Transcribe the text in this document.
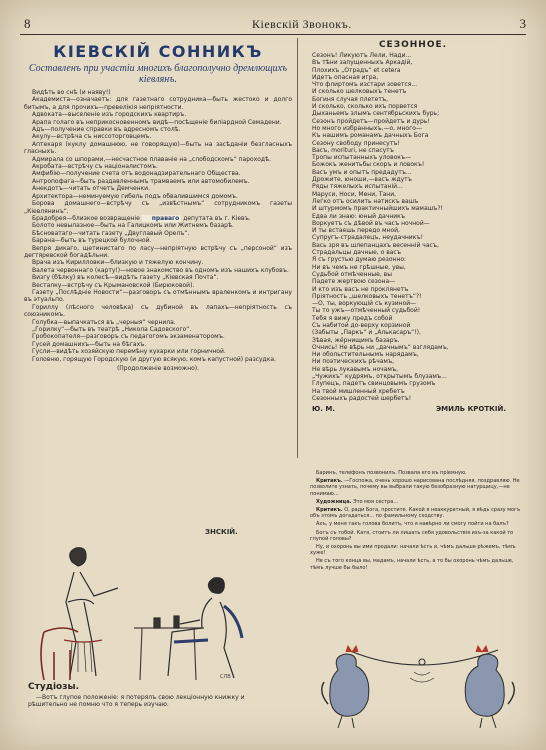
8	Кіевскій Звонокъ.	3
КІЕВСКІЙ СОННИКЪ
Составленъ при участіи многихъ благополучно дремлющихъ кіевлянъ.

Видѣть во снѣ (и наяву!)

Академиста—означаетъ: для газетнаго сотрудника—быть жестоко и долго битымъ, а для прочихъ—превелікія непріятности.

Адвоката—выселеніе изъ городскихъ квартиръ.

Арапа голаго въ неприкосновенномъ видѣ—посѣщеніе биліардной Семадени.

Адъ—получение справки въ адресномъ столѣ.

Акулу—встрѣча съ ниссоторговцемъ.

Аптекаря (куклу домашнюю, не говорящую)—быть на засѣданіи безгласныхъ гласныхъ.

Адмирала со шпорами,—несчастное плаваніе на „слободскомъ“ пароходѣ.

Акробата—встрѣчу съ націоналистомъ.

Амфибію—получение счета отъ водонадзирательнаго Общества.

Антропофага—быть раздавленнымъ трамваемъ или автомобилемъ.

Анекдотъ—читать отчетъ Демченки.

Архитектора—неминуемую гибель подъ обвалившимся домомъ.

Борова домашнего—встрѣчу съ „извѣстнымъ“ сотрудникомъ газеты „Кіевлянинъ“.

Брадобрея—близкое возвращеніе праваго депутата въ г. Кіевъ.

Болото невылазное—быть на Галицкомъ или Житнемъ базарѣ.

Бѣсноватаго—читать газету „Двуглавый Орелъ“.

Барана—быть въ турецкой булочной.

Вепря дикаго, щетинистаго по ласу—непріятную встрѣчу съ „персоной“ изъ дегтяревской богадѣльни.

Врача изъ Кирилловки—близкую и тяжелую кончину.

Валета червоннаго (карту!)—новое знакомство въ одномъ изъ нашихъ клубовъ.

Визгу (бѣлку) въ колесѣ—видѣть газету „Кіевская Почта“.

Весталку—встрѣчу съ Крымановской (Бирюковой).

Газету „Послѣдніе Новости“—разговоръ съ отмѣннымъ враленкомъ и интригану въ этуальпо.

Гориллу (лѣсного человѣка) съ дубиной въ лапахъ—непріятность съ союзникомъ.

Голубка—выпачкаться въ „черныя“ чернила.

„Горилку“—быть въ театрѣ „Никола Садовского“.

Гробокопателя—разговоръ съ педагогомъ экзаменаторомъ.

Гусей домашнихъ—быть на бѣгахъ.

Гусли—видѣть хозяйскую перемѣну кухарки или горничной.

Головню, горящую Городскую (и другую всякую, комъ капустной) разсудка.

(Продолженіе возможно).

СЕЗОННОЕ.
Сезонъ! Ликуютъ Лели, Нади...
Въ тѣни запущенныхъ Аркадій,
Плохихъ „Отрадъ“ et cetera
Идетъ опасная игра,
Что флиртомъ изстари зовется...
И сколько шелковыхъ тенетъ
Богиня случая плететъ,
И сколько, сколько ихъ порвется
Дыханьемъ злымъ сентябрьскихъ бурь;
Сезонъ пройдетъ—пройдетъ и дурь!
Но много избранныхъ,—о, много—
Къ нашимъ романамъ дачныхъ Бога
Сезону свободу принесутъ!
Васъ, morituri, не спасутъ
Тропы испытанныхъ уловокъ—
Божокъ женитьбы скоръ и ловокъ!
Васъ умъ и опытъ предадутъ...
Дрожите, юноши,—васъ ждутъ
Ряды тяжелыхъ испытаній...
Маруси, Носи, Мени, Тани,
Легко отъ осилить натискъ вашъ
И штурмомъ практичныйшихъ мамашъ?!
Едва ли знаю: юный дачникъ
Воркуетъ съ дѣвой въ часъ ночной—
И ты встаешь передо мной,
Супругъ-страдалецъ, неудачникъ!
Вась зря въ шлепанцахъ весенній часъ,
Страдальцы дачные, о васъ
Я съ грустью думаю резонно:
Ни въ чемъ не грѣшные, увы,
Судьбой отмѣченные, вы
Падете жертвою сезона—
И кто изъ васъ не проклянетъ
Пріятность „шелковыхъ тенетъ“?!
—О, ты, воркующій съ кузиной—
Ты то ужъ—отмѣченный судьбой!
Тебя я вижу предъ собой
Съ набитой до-верху корзиной
(Забыты „Паркъ“ и „Алькасаръ“!),
Зѣвая, жёрнищимъ базаръ.
Очнись! Не вѣрь ни „дачнымъ“ взглядамъ,
Ни обольстительнымъ нарядамъ,
Ни поэтическихъ рѣчамъ,
Не вѣрь лукавымъ ночамъ,
„Чужихъ“ кудрямъ, открытымъ блузамъ...
Глупецъ, падетъ свинцовымъ грузомъ
На твой мишленный хребетъ
Сезонныхъ радостей шербетъ!
Ю. М.	ЭМИЛЬ КРОТКІЙ.

Баринъ, телефонъ позвонилъ. Позвала его въ пріемную.

Критикъ. —Госпожа, очень хорошо нарисована послѣдняя, поздравляю. Не позволите узнать, почему вы выбрали такую безобразную натурщицу,—не понимаю...

Художница. Это моя сестра...

Критикъ. О, ради Бога, простите. Какой я неаккуратный, я вѣдь сразу могъ объ этомъ догадаться... по фамильному сходству.

Ахъ, у меня такъ голова болитъ, что я навѣрно ли смогу пойти на балъ?

Богъ съ тобой. Катя, стоитъ ли лишать себя удовольствія изъ-за какой то глупой головы?

Ну, и охоронь вы ими продали: начали ѣсть и, чѣмъ дальше рѣжемъ, тѣмъ хуже!

Не съ того конца вы, мадамъ, начали ѣсть, а то бы охоронь чѣмъ дальше, тѣмъ лучше бы было!

ЗНСКІЙ.
СЛВ
Студіозы.
—Вотъ глупое положеніе: я потерялъ свою лекціонную книжку и рѣшительно не помню что я теперь изучаю.
